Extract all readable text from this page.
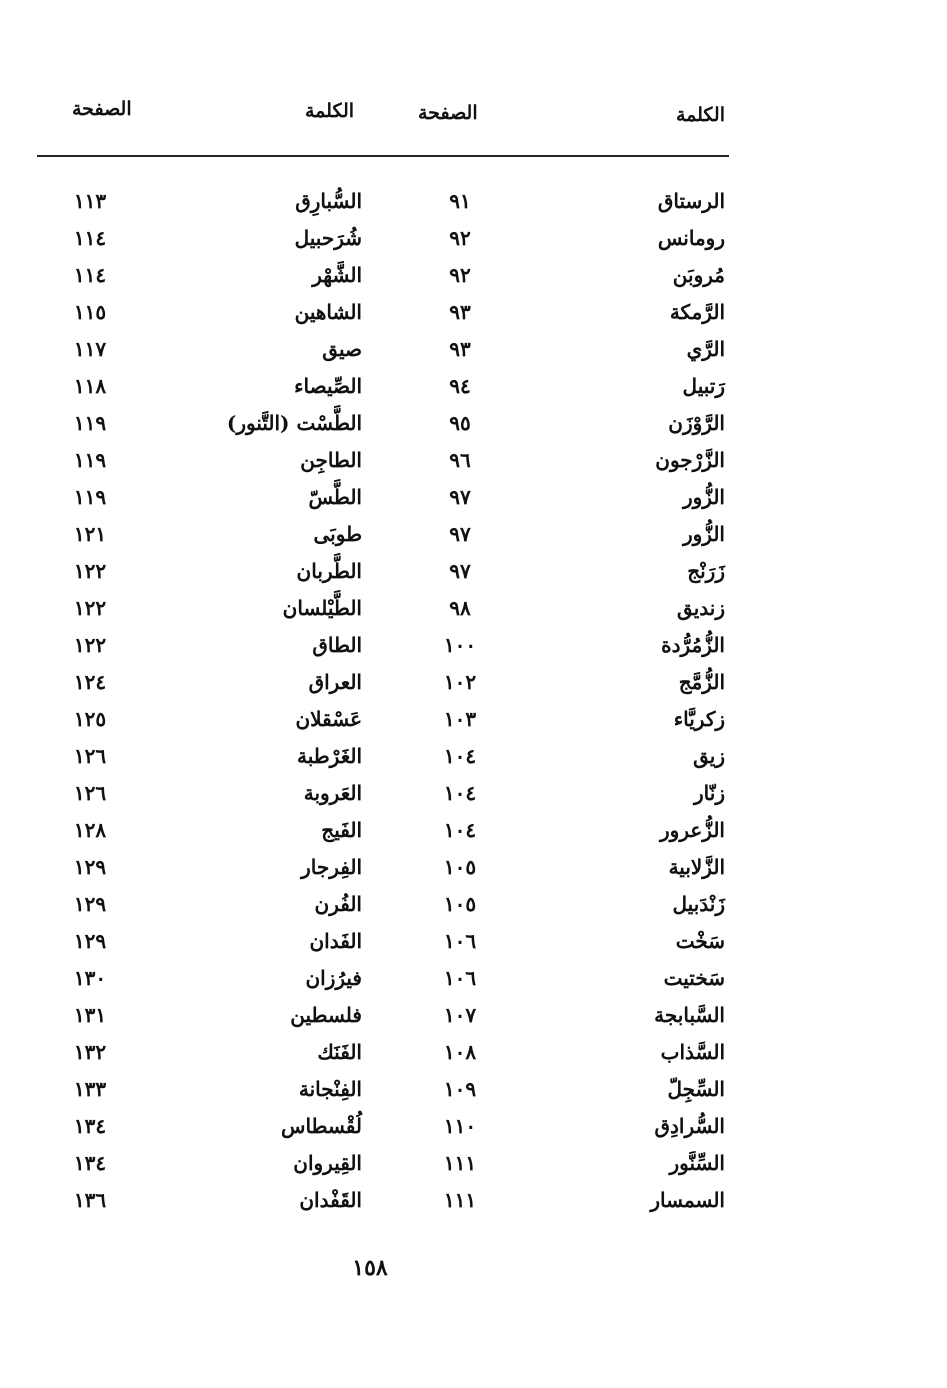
الكلمة
الصفحة
الكلمة
الصفحة
الرستاق
٩١
السُّبارِق
١١٣
رومانس
٩٢
شُرَحبيل
١١٤
مُروبَن
٩٢
الشَّهْر
١١٤
الرَّمكة
٩٣
الشاهين
١١٥
الرَّي
٩٣
صيق
١١٧
رَتبيل
٩٤
الصِّيصاء
١١٨
الرَّوْزَن
٩٥
الطَّسْت (التَّنور)
١١٩
الزَّرْجون
٩٦
الطاجِن
١١٩
الزُّور
٩٧
الطَّسّ
١١٩
الزُّور
٩٧
طوبَى
١٢١
زَرَنْج
٩٧
الطَّربان
١٢٢
زنديق
٩٨
الطَّيْلسان
١٢٢
الزُّمُرُّدة
١٠٠
الطاق
١٢٢
الزُّمَّج
١٠٢
العراق
١٢٤
زكريَّاء
١٠٣
عَسْقلان
١٢٥
زيق
١٠٤
الغَرْطبة
١٢٦
زنّار
١٠٤
العَروبة
١٢٦
الزُّعرور
١٠٤
الفَيج
١٢٨
الزَّلابية
١٠٥
الفِرجار
١٢٩
زَنْدَبيل
١٠٥
الفُرن
١٢٩
سَخْت
١٠٦
الفَدان
١٢٩
سَختيت
١٠٦
فيرُزان
١٣٠
السَّبابجة
١٠٧
فلسطين
١٣١
السَّذاب
١٠٨
الفَنَك
١٣٢
السِّجِلّ
١٠٩
الفِنْجانة
١٣٣
السُّرادِق
١١٠
لُقْسطاس
١٣٤
السِّنَّور
١١١
القِيروان
١٣٤
السمسار
١١١
القَفْدان
١٣٦
١٥٨
